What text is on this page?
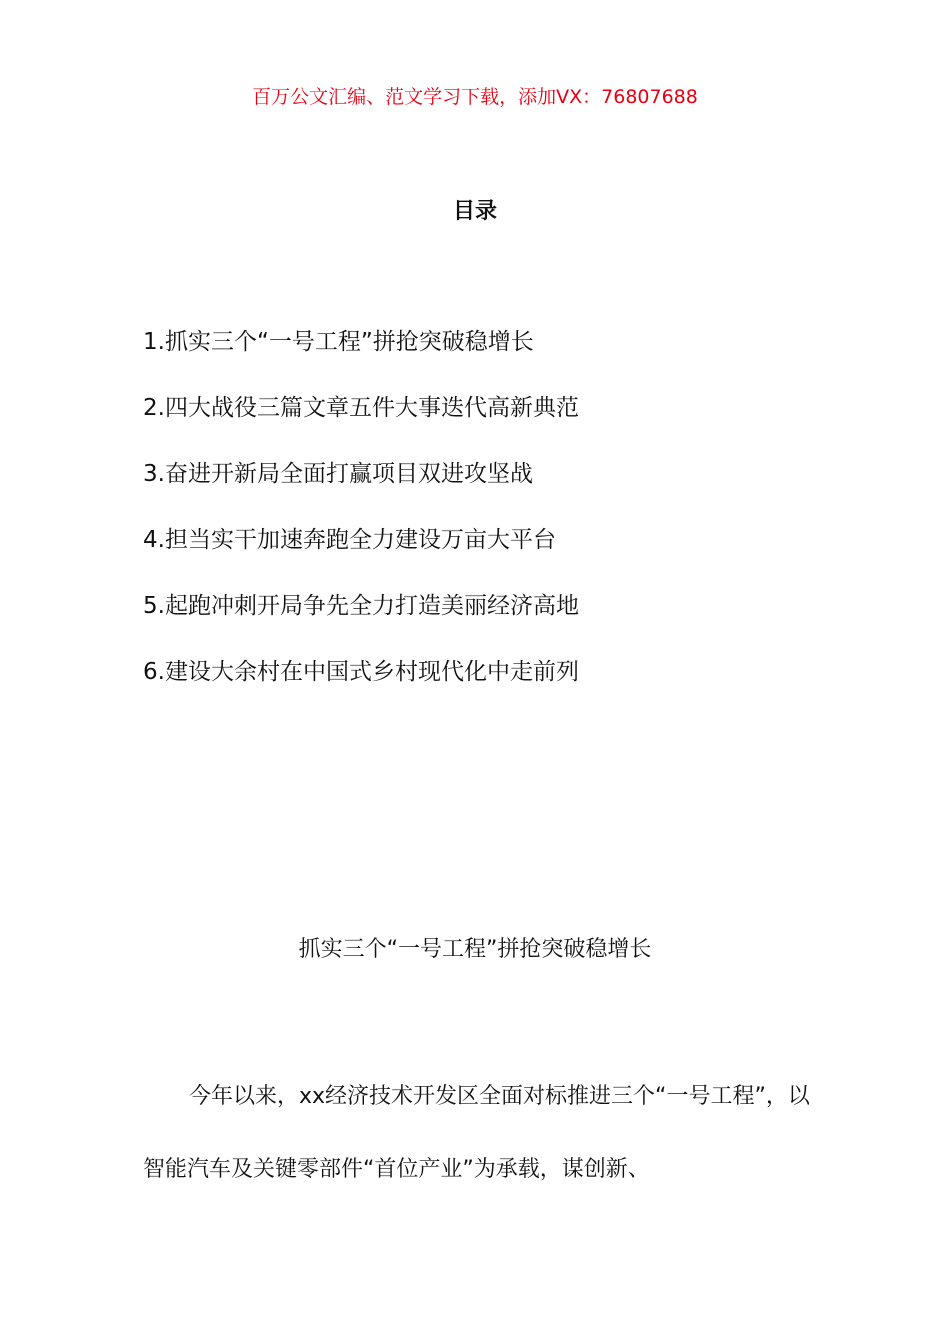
百万公文汇编、范文学习下载，添加VX：76807688
目录
1.抓实三个“一号工程”拼抢突破稳增长
2.四大战役三篇文章五件大事迭代高新典范
3.奋进开新局全面打赢项目双进攻坚战
4.担当实干加速奔跑全力建设万亩大平台
5.起跑冲刺开局争先全力打造美丽经济高地
6.建设大余村在中国式乡村现代化中走前列
抓实三个“一号工程”拼抢突破稳增长

今年以来，xx经济技术开发区全面对标推进三个“一号工程”，以智能汽车及关键零部件“首位产业”为承载，谋创新、
